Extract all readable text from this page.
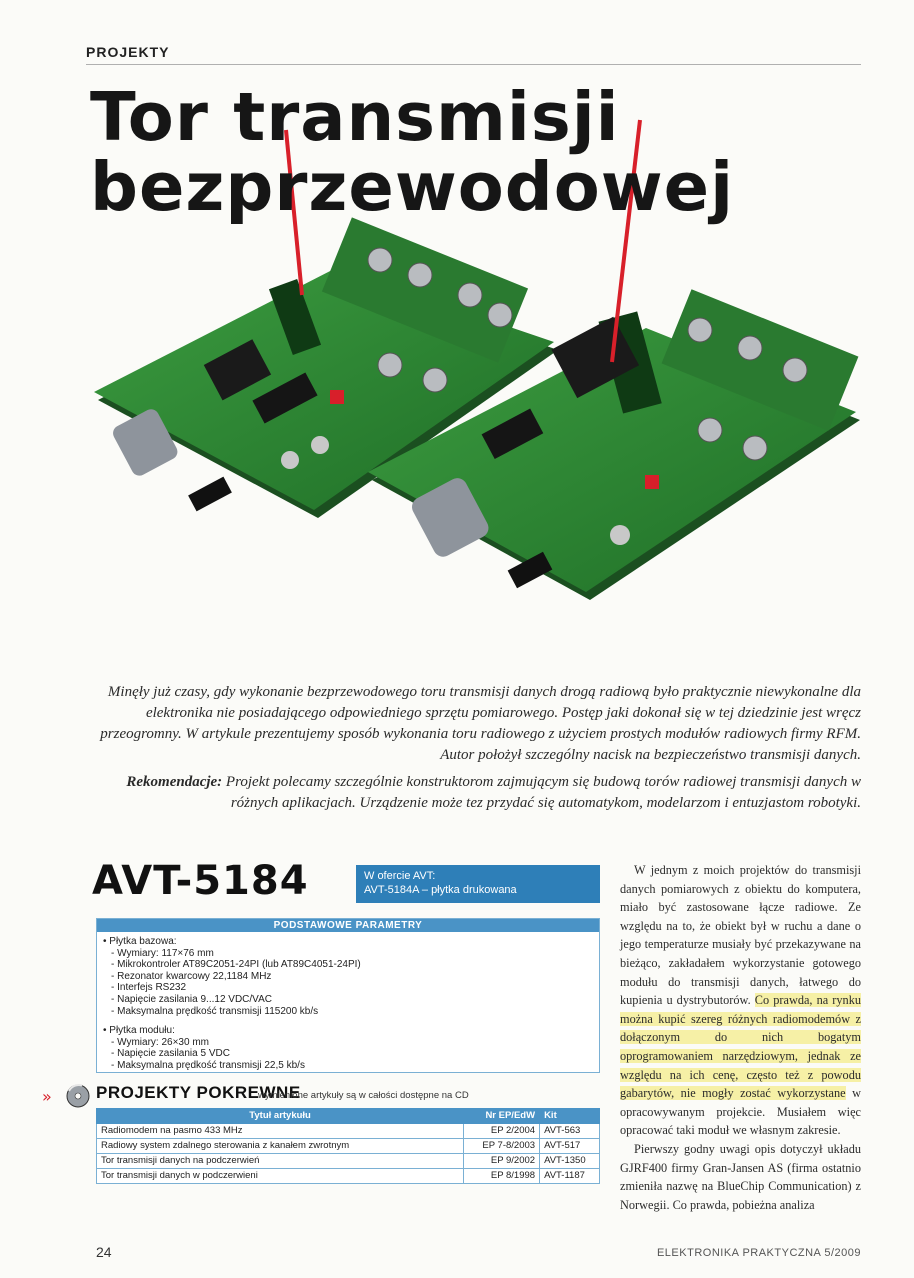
PROJEKTY
Tor transmisji
bezprzewodowej

Minęły już czasy, gdy wykonanie bezprzewodowego toru transmisji danych drogą radiową było praktycznie niewykonalne dla elektronika nie posiadającego odpowiedniego sprzętu pomiarowego. Postęp jaki dokonał się w tej dziedzinie jest wręcz przeogromny. W artykule prezentujemy sposób wykonania toru radiowego z użyciem prostych modułów radiowych firmy RFM. Autor położył szczególny nacisk na bezpieczeństwo transmisji danych.

Rekomendacje: Projekt polecamy szczególnie konstruktorom zajmującym się budową torów radiowej transmisji danych w różnych aplikacjach. Urządzenie może tez przydać się automatykom, modelarzom i entuzjastom robotyki.

AVT-5184	W ofercie AVT:
AVT-5184A – płytka drukowana
PODSTAWOWE PARAMETRY
• Płytka bazowa:
- Wymiary: 117×76 mm
- Mikrokontroler AT89C2051-24PI (lub AT89C4051-24PI)
- Rezonator kwarcowy 22,1184 MHz
- Interfejs RS232
- Napięcie zasilania 9...12 VDC/VAC
- Maksymalna prędkość transmisji 115200 kb/s
• Płytka modułu:
- Wymiary: 26×30 mm
- Napięcie zasilania 5 VDC
- Maksymalna prędkość transmisji 22,5 kb/s
»	PROJEKTY POKREWNE
wymienione artykuły są w całości dostępne na CD
Tytuł artykułu	Nr EP/EdW	Kit
Radiomodem na pasmo 433 MHz	EP 2/2004	AVT-563
Radiowy system zdalnego sterowania z kanałem zwrotnym	EP 7-8/2003	AVT-517
Tor transmisji danych na podczerwień	EP 9/2002	AVT-1350
Tor transmisji danych w podczerwieni	EP 8/1998	AVT-1187

W jednym z moich projektów do transmisji danych pomiarowych z obiektu do komputera, miało być zastosowane łącze radiowe. Ze względu na to, że obiekt był w ruchu a dane o jego temperaturze musiały być przekazywane na bieżąco, zakładałem wykorzystanie gotowego modułu do transmisji danych, łatwego do kupienia u dystrybutorów. Co prawda, na rynku można kupić szereg różnych radiomodemów z dołączonym do nich bogatym oprogramowaniem narzędziowym, jednak ze względu na ich cenę, często też z powodu gabarytów, nie mogły zostać wykorzystane w opracowywanym projekcie. Musiałem więc opracować taki moduł we własnym zakresie.

Pierwszy godny uwagi opis dotyczył układu GJRF400 firmy Gran-Jansen AS (firma ostatnio zmieniła nazwę na BlueChip Communication) z Norwegii. Co prawda, pobieżna analiza

24	ELEKTRONIKA PRAKTYCZNA 5/2009
